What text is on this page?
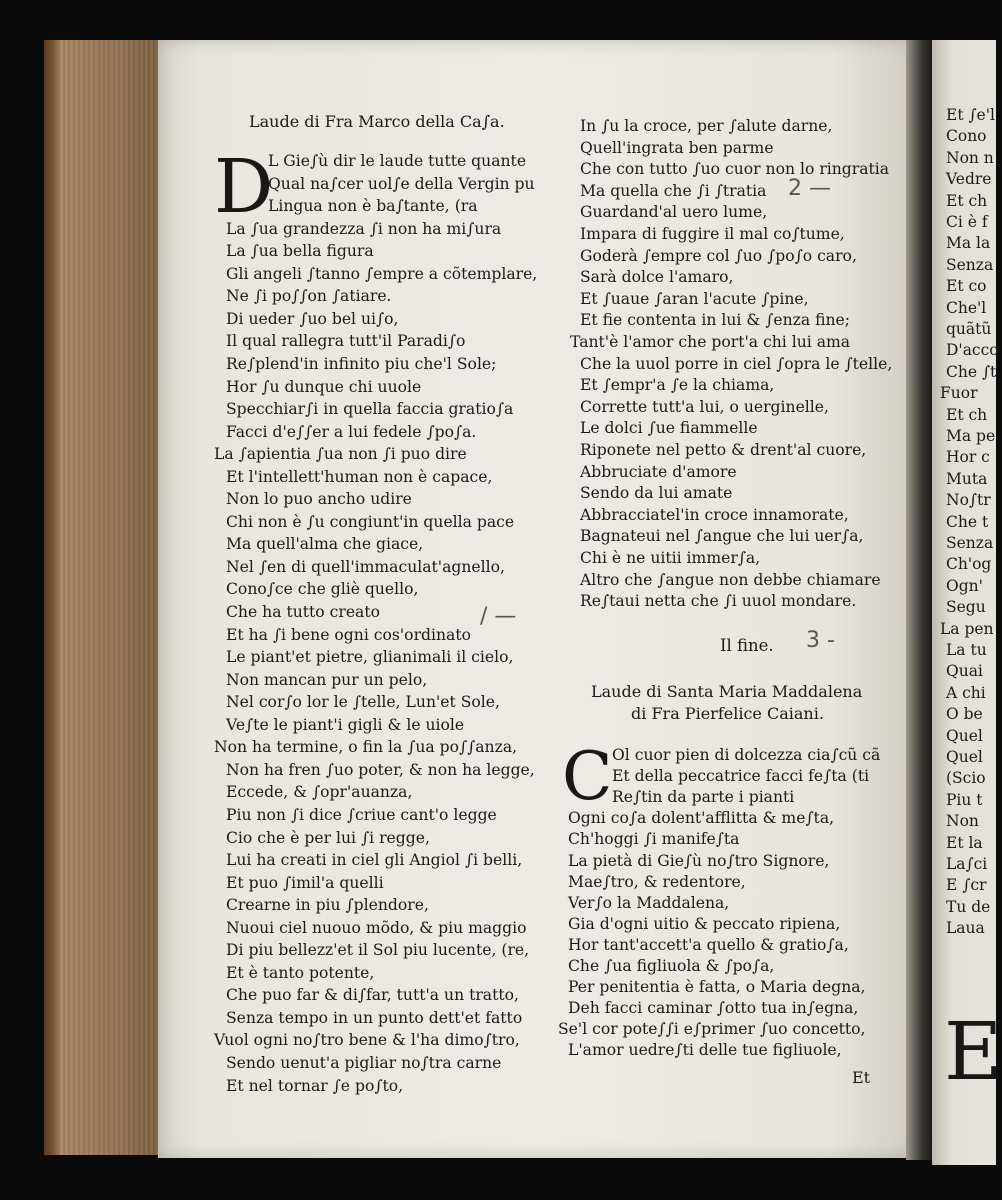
Laude di Fra Marco della Ca∫a.
D
L Gie∫ù dir le laude tutte quante
Qual na∫cer uol∫e della Vergin pu
Lingua non è ba∫tante, (ra
La ∫ua grandezza ∫i non ha mi∫ura
La ∫ua bella figura
Gli angeli ∫tanno ∫empre a cõtemplare,
Ne ∫i po∫∫on ∫atiare.
Di ueder ∫uo bel ui∫o,
Il qual rallegra tutt'il Paradi∫o
Re∫plend'in infinito piu che'l Sole;
Hor ∫u dunque chi uuole
Specchiar∫i in quella faccia gratio∫a
Facci d'e∫∫er a lui fedele ∫po∫a.
La ∫apientia ∫ua non ∫i puo dire
Et l'intellett'human non è capace,
Non lo puo ancho udire
Chi non è ∫u congiunt'in quella pace
Ma quell'alma che giace,
Nel ∫en di quell'immaculat'agnello,
Cono∫ce che gliè quello,
Che ha tutto creato
Et ha ∫i bene ogni cos'ordinato
Le piant'et pietre, glianimali il cielo,
Non mancan pur un pelo,
Nel cor∫o lor le ∫telle, Lun'et Sole,
Ve∫te le piant'i gigli & le uiole
Non ha termine, o fin la ∫ua po∫∫anza,
Non ha fren ∫uo poter, & non ha legge,
Eccede, & ∫opr'auanza,
Piu non ∫i dice ∫criue cant'o legge
Cio che è per lui ∫i regge,
Lui ha creati in ciel gli Angiol ∫i belli,
Et puo ∫imil'a quelli
Crearne in piu ∫plendore,
Nuoui ciel nuouo mõdo, & piu maggio
Di piu bellezz'et il Sol piu lucente, (re,
Et è tanto potente,
Che puo far & di∫far, tutt'a un tratto,
Senza tempo in un punto dett'et fatto
Vuol ogni no∫tro bene & l'ha dimo∫tro,
Sendo uenut'a pigliar no∫tra carne
Et nel tornar ∫e po∫to,
In ∫u la croce, per ∫alute darne,
Quell'ingrata ben parme
Che con tutto ∫uo cuor non lo ringratia
Ma quella che ∫i ∫tratia
Guardand'al uero lume,
Impara di fuggire il mal co∫tume,
Goderà ∫empre col ∫uo ∫po∫o caro,
Sarà dolce l'amaro,
Et ∫uaue ∫aran l'acute ∫pine,
Et fie contenta in lui & ∫enza fine;
Tant'è l'amor che port'a chi lui ama
Che la uuol porre in ciel ∫opra le ∫telle,
Et ∫empr'a ∫e la chiama,
Corrette tutt'a lui, o uerginelle,
Le dolci ∫ue fiammelle
Riponete nel petto & drent'al cuore,
Abbruciate d'amore
Sendo da lui amate
Abbracciatel'in croce innamorate,
Bagnateui nel ∫angue che lui uer∫a,
Chi è ne uitii immer∫a,
Altro che ∫angue non debbe chiamare
Re∫taui netta che ∫i uuol mondare.
Il fine.
Laude di Santa Maria Maddalena
di Fra Pierfelice Caiani.
C Ol cuor pien di dolcezza cia∫cũ cã
Et della peccatrice facci fe∫ta (ti
Re∫tin da parte i pianti
Ogni co∫a dolent'afflitta & me∫ta,
Ch'hoggi ∫i manife∫ta
La pietà di Gie∫ù no∫tro Signore,
Mae∫tro, & redentore,
Ver∫o la Maddalena,
Gia d'ogni uitio & peccato ripiena,
Hor tant'accett'a quello & gratio∫a,
Che ∫ua figliuola & ∫po∫a,
Per penitentia è fatta, o Maria degna,
Deh facci caminar ∫otto tua in∫egna,
Se'l cor pote∫∫i e∫primer ∫uo concetto,
L'amor uedre∫ti delle tue figliuole,
Et
/ —
2 —
3 -
Et ∫e'l
Cono
Non n
Vedre
Et ch
Ci è f
Ma la
Senza
Et co
Che'l
quãtũ
D'acco
Che ∫t
Fuor
Et ch
Ma pe
Hor c
Muta
No∫tr
Che t
Senza
Ch'og
Ogn'
Segu
La pen
La tu
Quai
A chi
O be
Quel
Quel
(Scio
Piu t
Non
Et la
La∫ci
E ∫cr
Tu de
Laua
E
